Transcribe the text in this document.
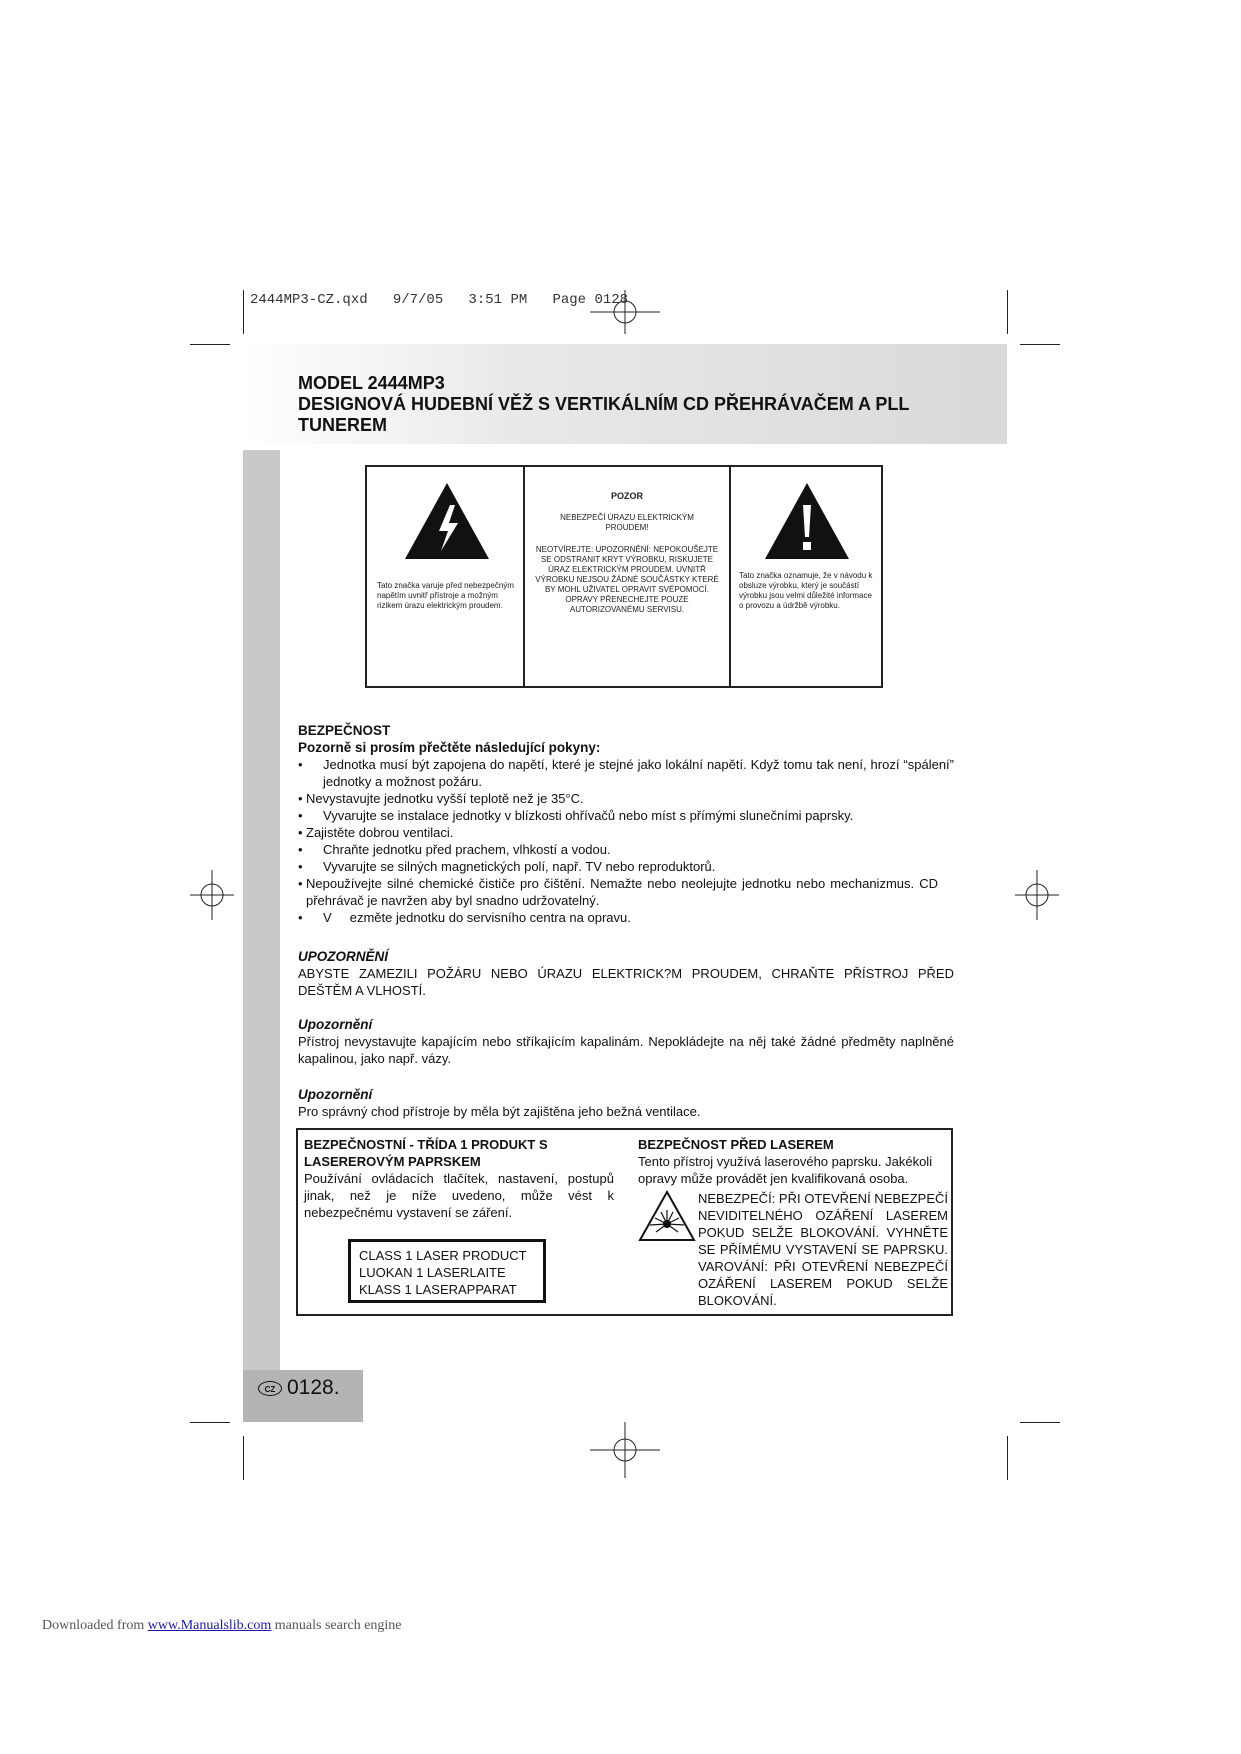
2444MP3-CZ.qxd   9/7/05   3:51 PM   Page 0128
MODEL 2444MP3
DESIGNOVÁ HUDEBNÍ VĚŽ S VERTIKÁLNÍM CD PŘEHRÁVAČEM A PLL
TUNEREM
Tato značka varuje před nebezpečným napětím uvnitř přístroje a možným rizikem úrazu elektrickým proudem.
POZOR
NEBEZPEČÍ ÚRAZU ELEKTRICKÝM PROUDEM!
NEOTVÍREJTE: UPOZORNĚNÍ: NEPOKOUŠEJTE SE ODSTRANIT KRYT VÝROBKU, RISKUJETE ÚRAZ ELEKTRICKÝM PROUDEM. UVNITŘ VÝROBKU NEJSOU ŽÁDNÉ SOUČÁSTKY KTERÉ BY MOHL UŽIVATEL OPRAVIT SVÉPOMOCÍ. OPRAVY PŘENECHEJTE POUZE AUTORIZOVANÉMU SERVISU.
Tato značka oznamuje, že v návodu k obsluze výrobku, který je součástí výrobku jsou velmi důležité informace o provozu a údržbě výrobku.
BEZPEČNOST
Pozorně si prosím přečtěte následující pokyny:
•	Jednotka musí být zapojena do napětí, které je stejné jako lokální napětí. Když tomu tak není, hrozí “spálení” jednotky a možnost požáru.
• Nevystavujte jednotku vyšší teplotě než je 35°C.
•	Vyvarujte se instalace jednotky v blízkosti ohřívačů nebo míst s přímými slunečními paprsky.
• Zajistěte dobrou ventilaci.
•	Chraňte jednotku před prachem, vlhkostí a vodou.
•	Vyvarujte se silných magnetických polí, např. TV nebo reproduktorů.
• Nepoužívejte silné chemické čističe pro čištění. Nemažte nebo neolejujte jednotku nebo mechanizmus. CD přehrávač je navržen aby byl snadno udržovatelný.
•	V     ezměte jednotku do servisního centra na opravu.
UPOZORNĚNÍ
ABYSTE ZAMEZILI POŽÁRU NEBO ÚRAZU ELEKTRICK?M PROUDEM, CHRAŇTE PŘÍSTROJ PŘED DEŠTĚM A VLHOSTÍ.
Upozornění
Přístroj nevystavujte kapajícím nebo stříkajícím kapalinám. Nepokládejte na něj také žádné předměty naplněné kapalinou, jako např. vázy.
Upozornění
Pro správný chod přístroje by měla být zajištěna jeho bežná ventilace.
BEZPEČNOSTNÍ - TŘÍDA 1 PRODUKT S LASEREROVÝM PAPRSKEM
Používání ovládacích tlačítek, nastavení, postupů jinak, než je níže uvedeno, může vést k nebezpečnému vystavení se záření.
CLASS 1 LASER PRODUCT
LUOKAN 1 LASERLAITE
KLASS 1 LASERAPPARAT
BEZPEČNOST PŘED LASEREM
Tento přístroj využívá laserového paprsku. Jakékoli opravy může provádět jen kvalifikovaná osoba.
NEBEZPEČÍ: PŘI OTEVŘENÍ NEBEZPEČÍ NEVIDITELNÉHO OZÁŘENÍ LASEREM POKUD SELŽE BLOKOVÁNÍ. VYHNĚTE SE PŘÍMÉMU VYSTAVENÍ SE PAPRSKU. VAROVÁNÍ: PŘI OTEVŘENÍ NEBEZPEČÍ OZÁŘENÍ LASEREM POKUD SELŽE BLOKOVÁNÍ.
CZ 0128.
Downloaded from www.Manualslib.com manuals search engine
